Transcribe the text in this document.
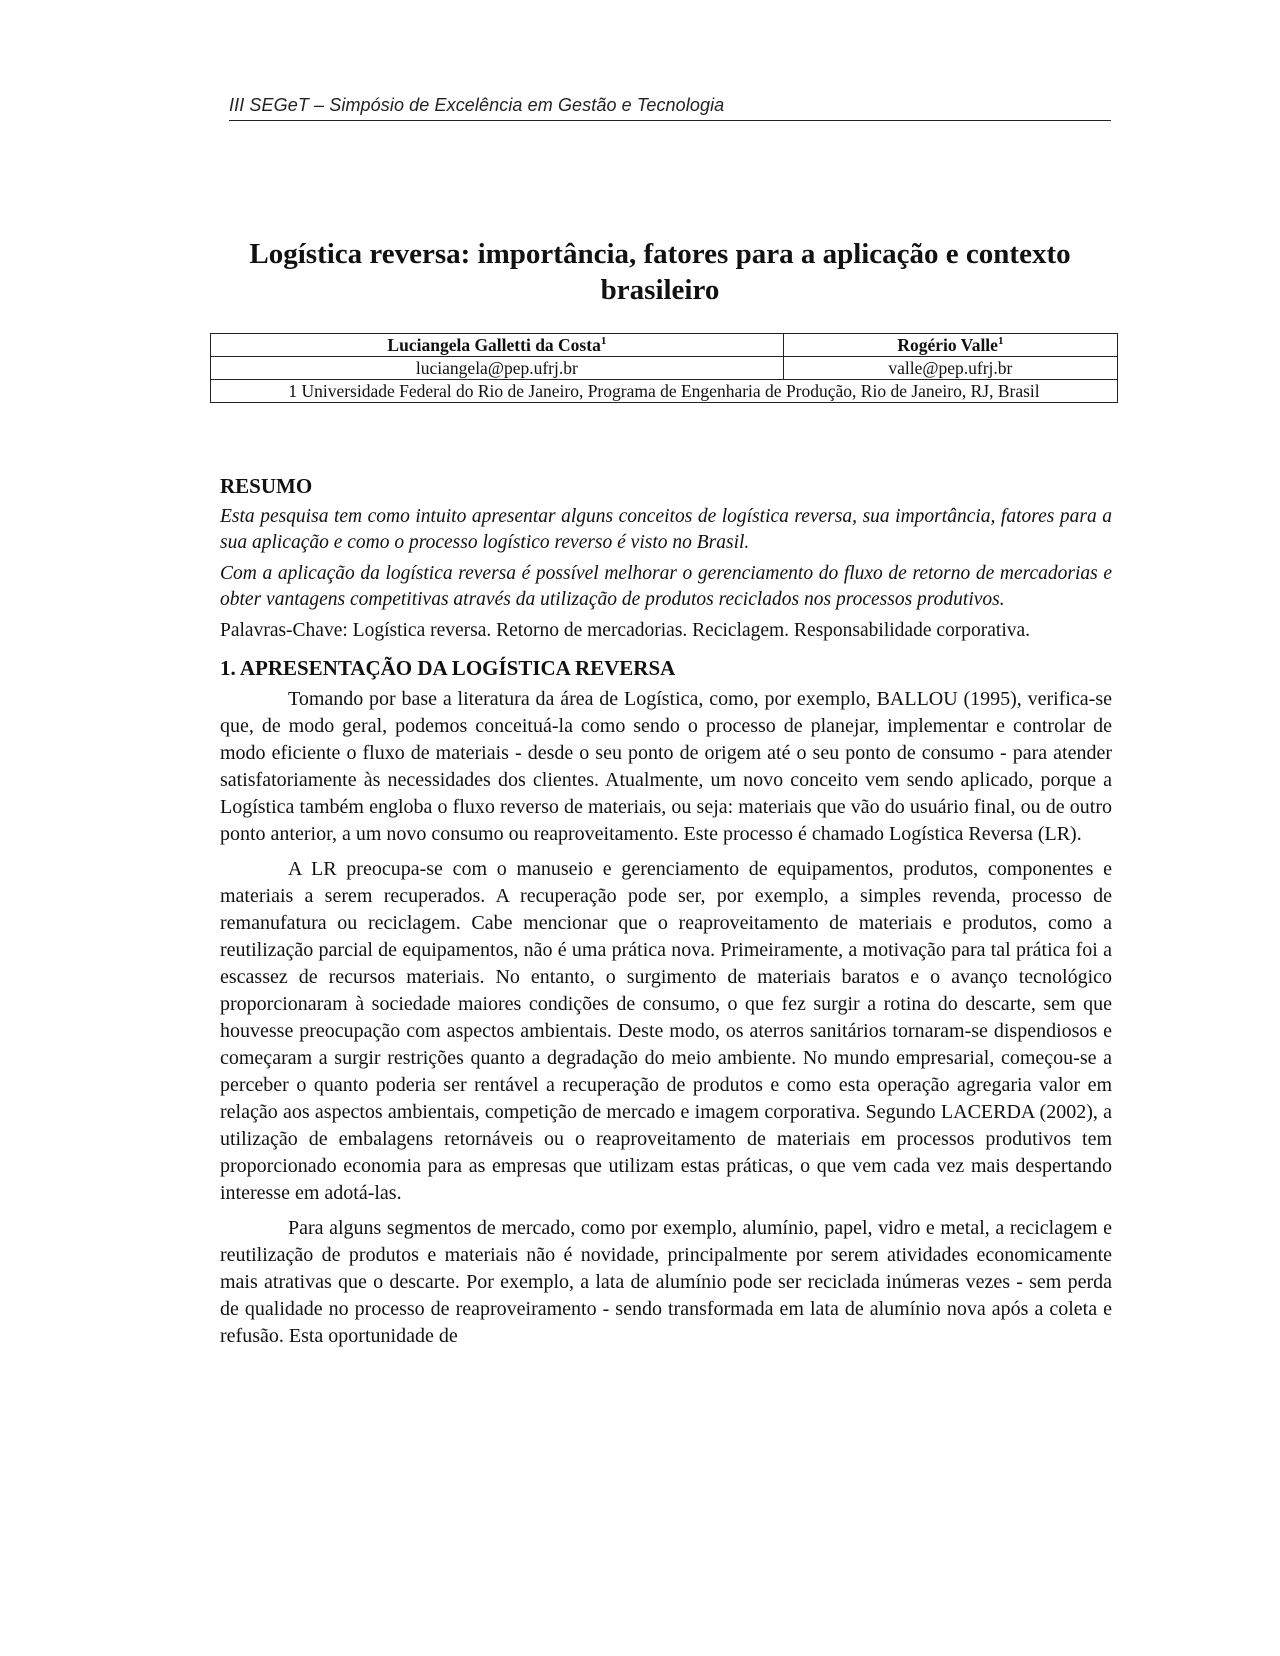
III SEGeT – Simpósio de Excelência em Gestão e Tecnologia
Logística reversa: importância, fatores para a aplicação e contexto brasileiro
Luciangela Galletti da Costa$^1$	Rogério Valle$^1$
luciangela@pep.ufrj.br	valle@pep.ufrj.br
1 Universidade Federal do Rio de Janeiro, Programa de Engenharia de Produção, Rio de Janeiro, RJ, Brasil	
RESUMO

Esta pesquisa tem como intuito apresentar alguns conceitos de logística reversa, sua importância, fatores para a sua aplicação e como o processo logístico reverso é visto no Brasil.

Com a aplicação da logística reversa é possível melhorar o gerenciamento do fluxo de retorno de mercadorias e obter vantagens competitivas através da utilização de produtos reciclados nos processos produtivos.

Palavras-Chave: Logística reversa. Retorno de mercadorias. Reciclagem. Responsabilidade corporativa.

1. APRESENTAÇÃO DA LOGÍSTICA REVERSA

Tomando por base a literatura da área de Logística, como, por exemplo, BALLOU (1995), verifica-se que, de modo geral, podemos conceituá-la como sendo o processo de planejar, implementar e controlar de modo eficiente o fluxo de materiais - desde o seu ponto de origem até o seu ponto de consumo - para atender satisfatoriamente às necessidades dos clientes. Atualmente, um novo conceito vem sendo aplicado, porque a Logística também engloba o fluxo reverso de materiais, ou seja: materiais que vão do usuário final, ou de outro ponto anterior, a um novo consumo ou reaproveitamento. Este processo é chamado Logística Reversa (LR).

A LR preocupa-se com o manuseio e gerenciamento de equipamentos, produtos, componentes e materiais a serem recuperados. A recuperação pode ser, por exemplo, a simples revenda, processo de remanufatura ou reciclagem. Cabe mencionar que o reaproveitamento de materiais e produtos, como a reutilização parcial de equipamentos, não é uma prática nova. Primeiramente, a motivação para tal prática foi a escassez de recursos materiais. No entanto, o surgimento de materiais baratos e o avanço tecnológico proporcionaram à sociedade maiores condições de consumo, o que fez surgir a rotina do descarte, sem que houvesse preocupação com aspectos ambientais. Deste modo, os aterros sanitários tornaram-se dispendiosos e começaram a surgir restrições quanto a degradação do meio ambiente. No mundo empresarial, começou-se a perceber o quanto poderia ser rentável a recuperação de produtos e como esta operação agregaria valor em relação aos aspectos ambientais, competição de mercado e imagem corporativa. Segundo LACERDA (2002), a utilização de embalagens retornáveis ou o reaproveitamento de materiais em processos produtivos tem proporcionado economia para as empresas que utilizam estas práticas, o que vem cada vez mais despertando interesse em adotá-las.

Para alguns segmentos de mercado, como por exemplo, alumínio, papel, vidro e metal, a reciclagem e reutilização de produtos e materiais não é novidade, principalmente por serem atividades economicamente mais atrativas que o descarte. Por exemplo, a lata de alumínio pode ser reciclada inúmeras vezes - sem perda de qualidade no processo de reaproveiramento - sendo transformada em lata de alumínio nova após a coleta e refusão. Esta oportunidade de
